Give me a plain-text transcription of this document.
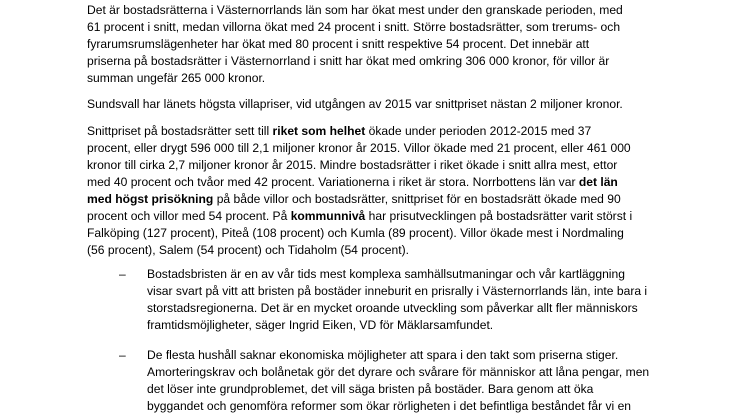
Det är bostadsrätterna i Västernorrlands län som har ökat mest under den granskade perioden, med
61 procent i snitt, medan villorna ökat med 24 procent i snitt. Större bostadsrätter, som trerums- och
fyrarumsrumslägenheter har ökat med 80 procent i snitt respektive 54 procent. Det innebär att
priserna på bostadsrätter i Västernorrland i snitt har ökat med omkring 306 000 kronor, för villor är
summan ungefär 265 000 kronor.
Sundsvall har länets högsta villapriser, vid utgången av 2015 var snittpriset nästan 2 miljoner kronor.
Snittpriset på bostadsrätter sett till riket som helhet ökade under perioden 2012-2015 med 37
procent, eller drygt 596 000 till 2,1 miljoner kronor år 2015. Villor ökade med 21 procent, eller 461 000
kronor till cirka 2,7 miljoner kronor år 2015. Mindre bostadsrätter i riket ökade i snitt allra mest, ettor
med 40 procent och tvåor med 42 procent. Variationerna i riket är stora. Norrbottens län var det län
med högst prisökning på både villor och bostadsrätter, snittpriset för en bostadsrätt ökade med 90
procent och villor med 54 procent. På kommunnivå har prisutvecklingen på bostadsrätter varit störst i
Falköping (127 procent), Piteå (108 procent) och Kumla (89 procent). Villor ökade mest i Nordmaling
(56 procent), Salem (54 procent) och Tidaholm (54 procent).
– Bostadsbristen är en av vår tids mest komplexa samhällsutmaningar och vår kartläggning
visar svart på vitt att bristen på bostäder inneburit en prisrally i Västernorrlands län, inte bara i
storstadsregionerna. Det är en mycket oroande utveckling som påverkar allt fler människors
framtidsmöjligheter, säger Ingrid Eiken, VD för Mäklarsamfundet.
– De flesta hushåll saknar ekonomiska möjligheter att spara i den takt som priserna stiger.
Amorteringskrav och bolånetak gör det dyrare och svårare för människor att låna pengar, men
det löser inte grundproblemet, det vill säga bristen på bostäder. Bara genom att öka
byggandet och genomföra reformer som ökar rörligheten i det befintliga beståndet får vi en
